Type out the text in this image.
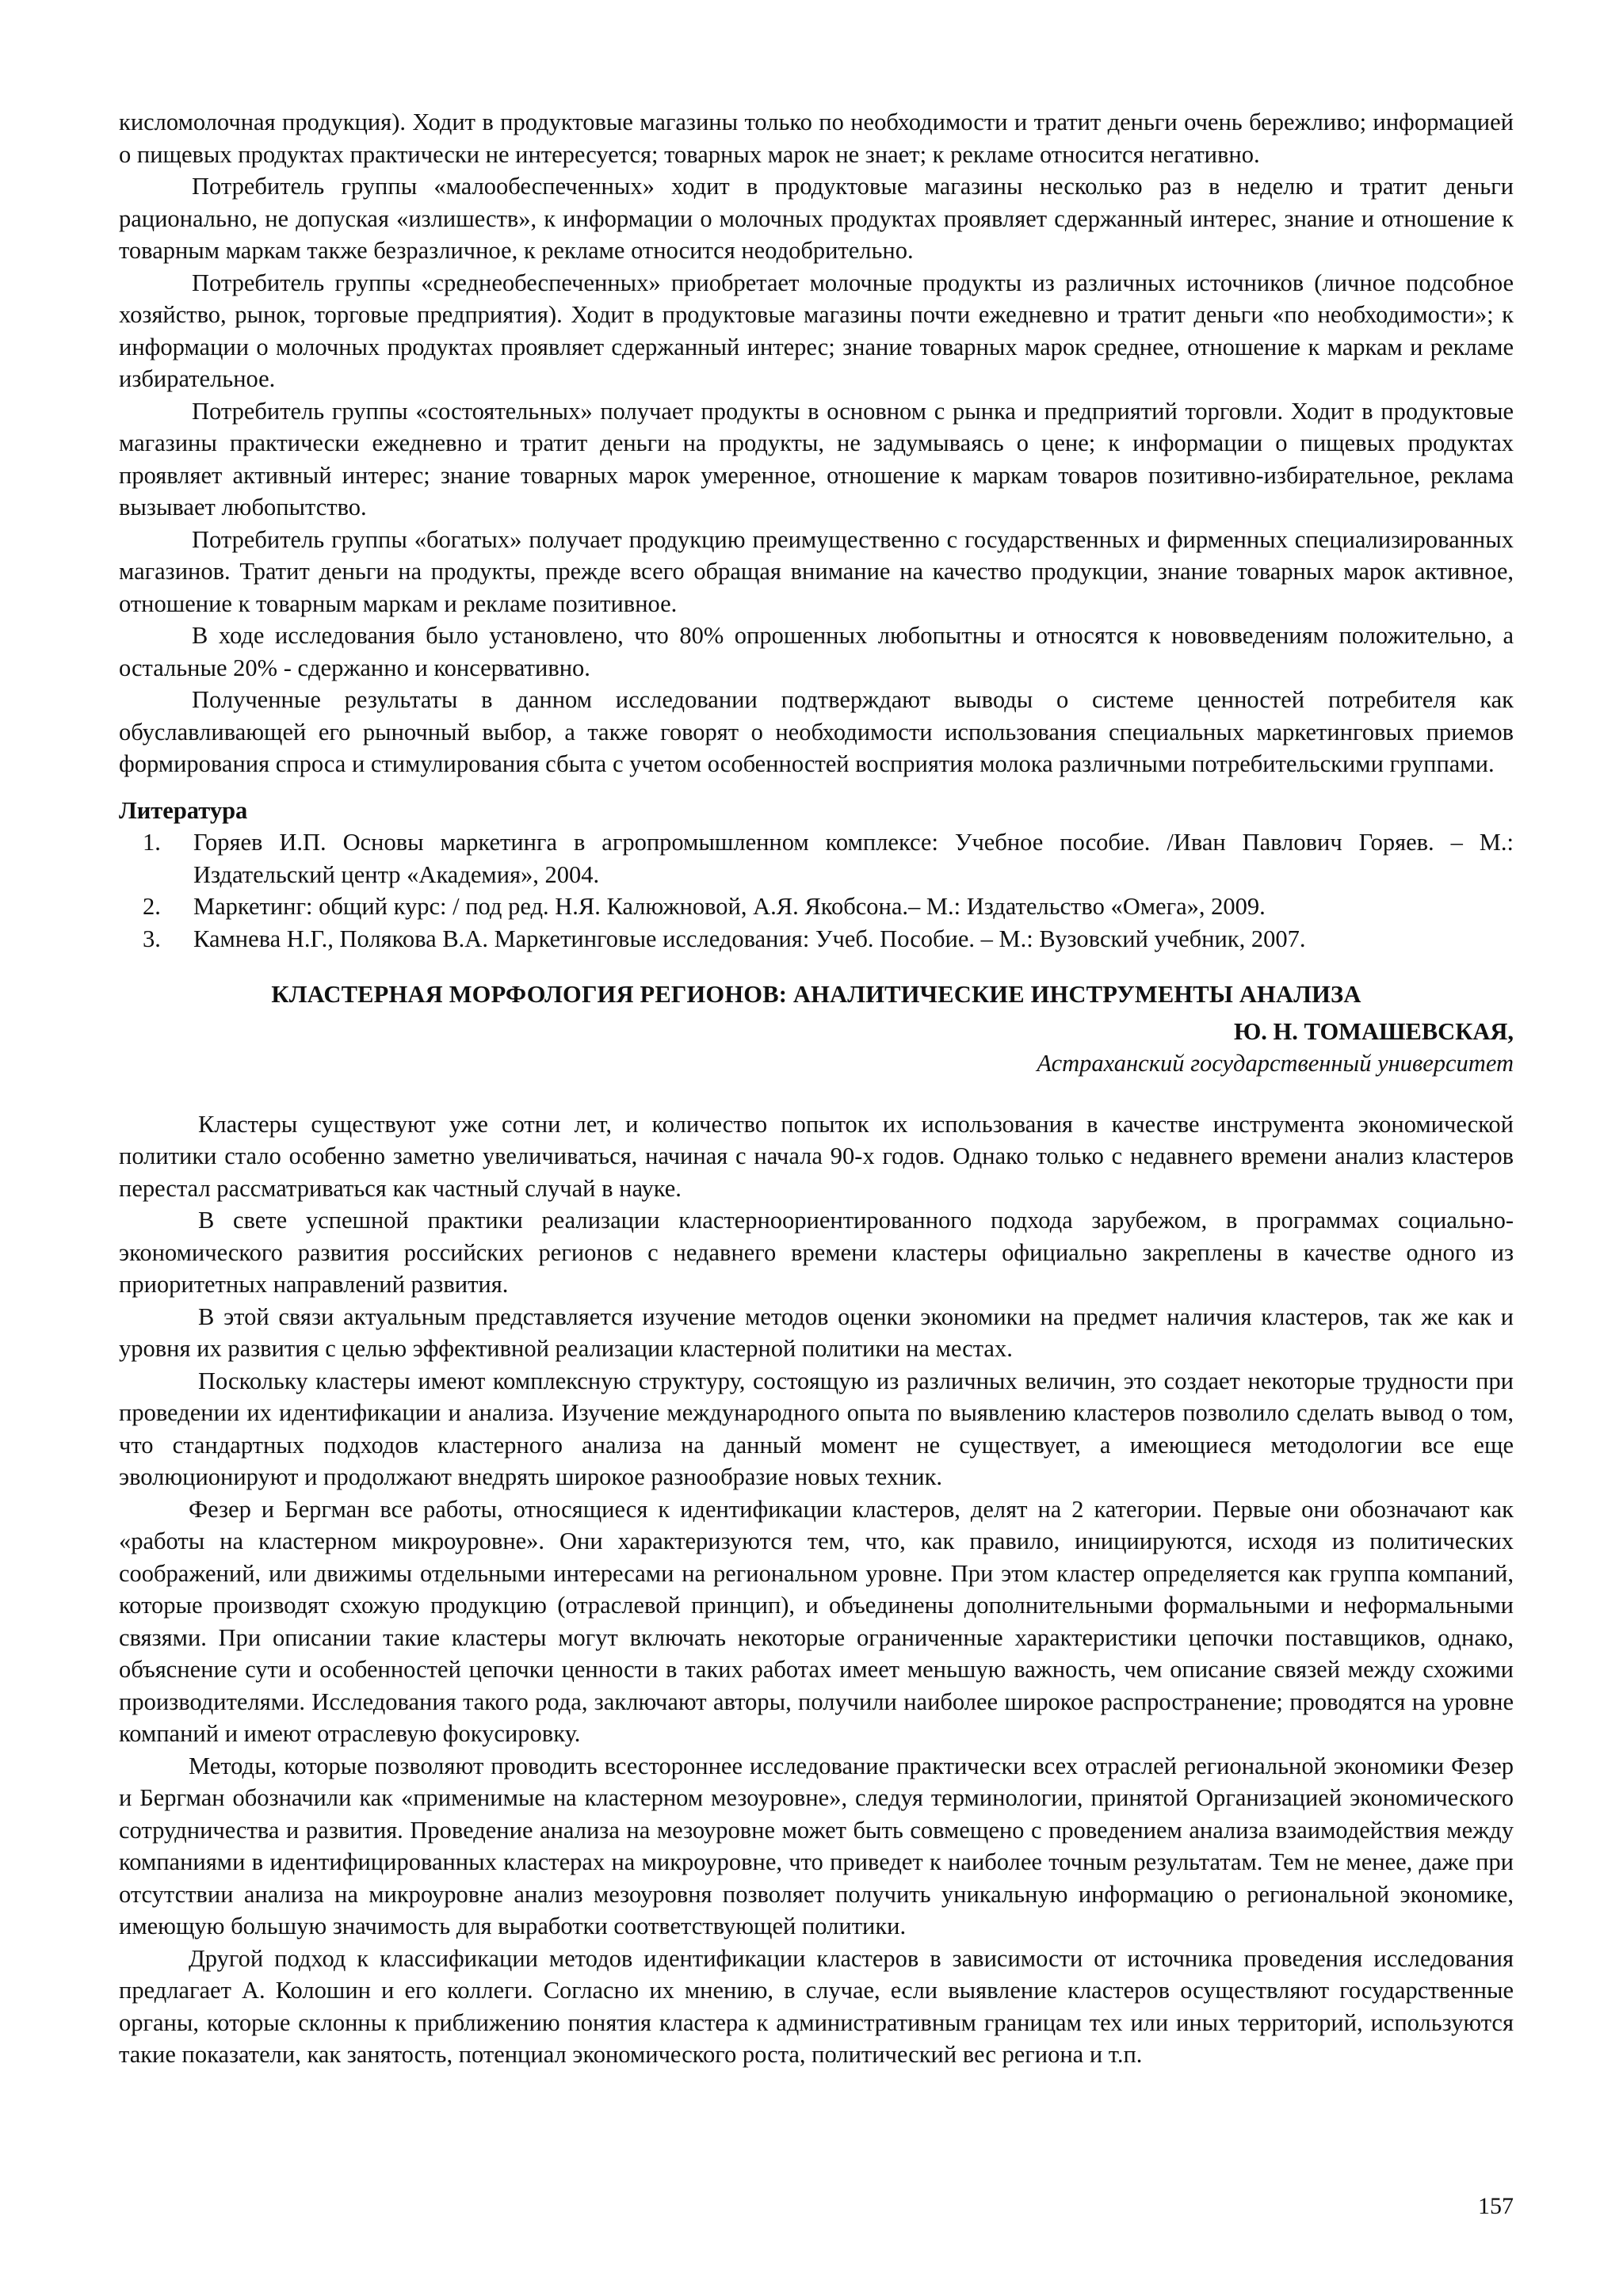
кисломолочная продукция). Ходит в продуктовые магазины только по необходимости и тратит деньги очень бережливо; информацией о пищевых продуктах практически не интересуется; товарных марок не знает; к рекламе относится негативно.

Потребитель группы «малообеспеченных» ходит в продуктовые магазины несколько раз в неделю и тратит деньги рационально, не допуская «излишеств», к информации о молочных продуктах проявляет сдержанный интерес, знание и отношение к товарным маркам также безразличное, к рекламе относится неодобрительно.

Потребитель группы «среднеобеспеченных» приобретает молочные продукты из различных источников (личное подсобное хозяйство, рынок, торговые предприятия). Ходит в продуктовые магазины почти ежедневно и тратит деньги «по необходимости»; к информации о молочных продуктах проявляет сдержанный интерес; знание товарных марок среднее, отношение к маркам и рекламе избирательное.

Потребитель группы «состоятельных» получает продукты в основном с рынка и предприятий торговли. Ходит в продуктовые магазины практически ежедневно и тратит деньги на продукты, не задумываясь о цене; к информации о пищевых продуктах проявляет активный интерес; знание товарных марок умеренное, отношение к маркам товаров позитивно-избирательное, реклама вызывает любопытство.

Потребитель группы «богатых» получает продукцию преимущественно с государственных и фирменных специализированных магазинов. Тратит деньги на продукты, прежде всего обращая внимание на качество продукции, знание товарных марок активное, отношение к товарным маркам и рекламе позитивное.

В ходе исследования было установлено, что 80% опрошенных любопытны и относятся к нововведениям положительно, а остальные 20% - сдержанно и консервативно.

Полученные результаты в данном исследовании подтверждают выводы о системе ценностей потребителя как обуславливающей его рыночный выбор, а также говорят о необходимости использования специальных маркетинговых приемов формирования спроса и стимулирования сбыта с учетом особенностей восприятия молока различными потребительскими группами.

Литература
1. Горяев И.П. Основы маркетинга в агропромышленном комплексе: Учебное пособие. /Иван Павлович Горяев. – М.: Издательский центр «Академия», 2004.
2. Маркетинг: общий курс: / под ред. Н.Я. Калюжновой, А.Я. Якобсона.– М.: Издательство «Омега», 2009.
3. Камнева Н.Г., Полякова В.А. Маркетинговые исследования: Учеб. Пособие. – М.: Вузовский учебник, 2007.
КЛАСТЕРНАЯ МОРФОЛОГИЯ РЕГИОНОВ: АНАЛИТИЧЕСКИЕ ИНСТРУМЕНТЫ АНАЛИЗА
Ю. Н. ТОМАШЕВСКАЯ,
Астраханский государственный университет

Кластеры существуют уже сотни лет, и количество попыток их использования в качестве инструмента экономической политики стало особенно заметно увеличиваться, начиная с начала 90-х годов. Однако только с недавнего времени анализ кластеров перестал рассматриваться как частный случай в науке.

В свете успешной практики реализации кластерноориентированного подхода зарубежом, в программах социально-экономического развития российских регионов с недавнего времени кластеры официально закреплены в качестве одного из приоритетных направлений развития.

В этой связи актуальным представляется изучение методов оценки экономики на предмет наличия кластеров, так же как и уровня их развития с целью эффективной реализации кластерной политики на местах.

Поскольку кластеры имеют комплексную структуру, состоящую из различных величин, это создает некоторые трудности при проведении их идентификации и анализа. Изучение международного опыта по выявлению кластеров позволило сделать вывод о том, что стандартных подходов кластерного анализа на данный момент не существует, а имеющиеся методологии все еще эволюционируют и продолжают внедрять широкое разнообразие новых техник.

Фезер и Бергман все работы, относящиеся к идентификации кластеров, делят на 2 категории. Первые они обозначают как «работы на кластерном микроуровне». Они характеризуются тем, что, как правило, инициируются, исходя из политических соображений, или движимы отдельными интересами на региональном уровне. При этом кластер определяется как группа компаний, которые производят схожую продукцию (отраслевой принцип), и объединены дополнительными формальными и неформальными связями. При описании такие кластеры могут включать некоторые ограниченные характеристики цепочки поставщиков, однако, объяснение сути и особенностей цепочки ценности в таких работах имеет меньшую важность, чем описание связей между схожими производителями. Исследования такого рода, заключают авторы, получили наиболее широкое распространение; проводятся на уровне компаний и имеют отраслевую фокусировку.

Методы, которые позволяют проводить всестороннее исследование практически всех отраслей региональной экономики Фезер и Бергман обозначили как «применимые на кластерном мезоуровне», следуя терминологии, принятой Организацией экономического сотрудничества и развития. Проведение анализа на мезоуровне может быть совмещено с проведением анализа взаимодействия между компаниями в идентифицированных кластерах на микроуровне, что приведет к наиболее точным результатам. Тем не менее, даже при отсутствии анализа на микроуровне анализ мезоуровня позволяет получить уникальную информацию о региональной экономике, имеющую большую значимость для выработки соответствующей политики.

Другой подход к классификации методов идентификации кластеров в зависимости от источника проведения исследования предлагает А. Колошин и его коллеги. Согласно их мнению, в случае, если выявление кластеров осуществляют государственные органы, которые склонны к приближению понятия кластера к административным границам тех или иных территорий, используются такие показатели, как занятость, потенциал экономического роста, политический вес региона и т.п.

157
